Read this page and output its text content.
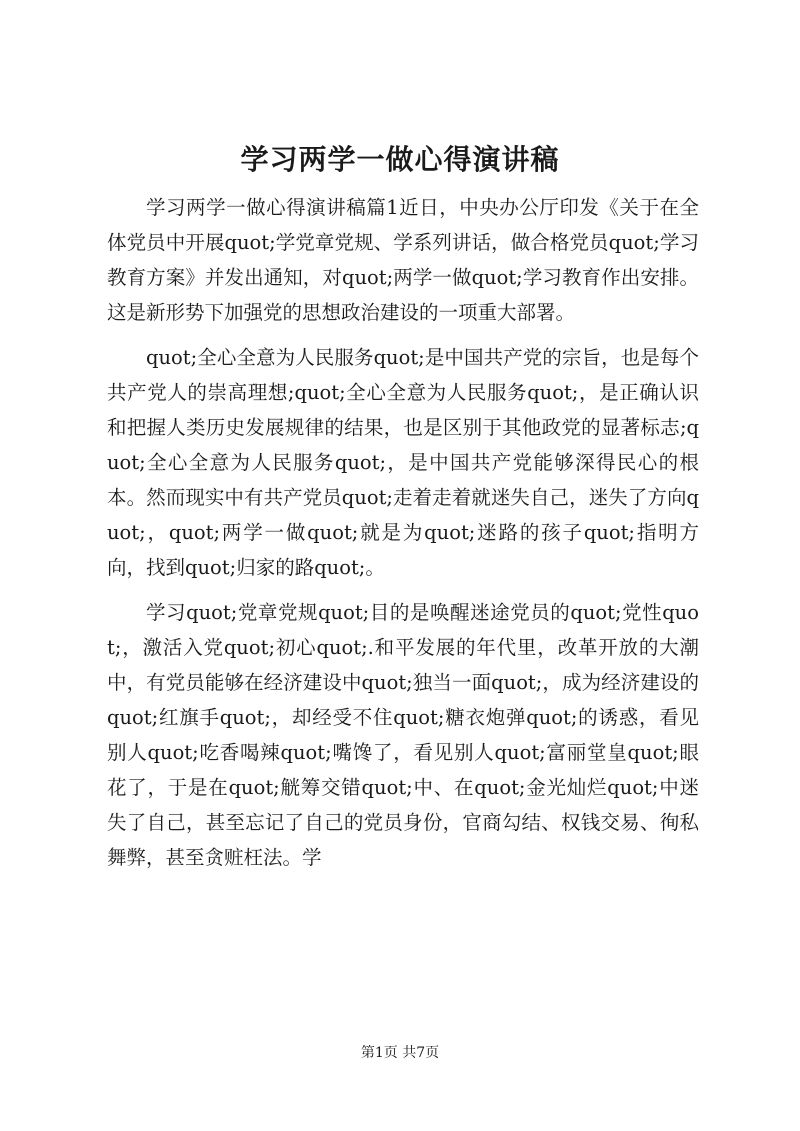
学习两学一做心得演讲稿

学习两学一做心得演讲稿篇1近日，中央办公厅印发《关于在全体党员中开展quot;学党章党规、学系列讲话，做合格党员quot;学习教育方案》并发出通知，对quot;两学一做quot;学习教育作出安排。这是新形势下加强党的思想政治建设的一项重大部署。

quot;全心全意为人民服务quot;是中国共产党的宗旨，也是每个共产党人的崇高理想;quot;全心全意为人民服务quot;，是正确认识和把握人类历史发展规律的结果，也是区别于其他政党的显著标志;quot;全心全意为人民服务quot;，是中国共产党能够深得民心的根本。然而现实中有共产党员quot;走着走着就迷失自己，迷失了方向quot;，quot;两学一做quot;就是为quot;迷路的孩子quot;指明方向，找到quot;归家的路quot;。

学习quot;党章党规quot;目的是唤醒迷途党员的quot;党性quot;，激活入党quot;初心quot;.和平发展的年代里，改革开放的大潮中，有党员能够在经济建设中quot;独当一面quot;，成为经济建设的quot;红旗手quot;，却经受不住quot;糖衣炮弹quot;的诱惑，看见别人quot;吃香喝辣quot;嘴馋了，看见别人quot;富丽堂皇quot;眼花了，于是在quot;觥筹交错quot;中、在quot;金光灿烂quot;中迷失了自己，甚至忘记了自己的党员身份，官商勾结、权钱交易、徇私舞弊，甚至贪赃枉法。学

第1页 共7页
